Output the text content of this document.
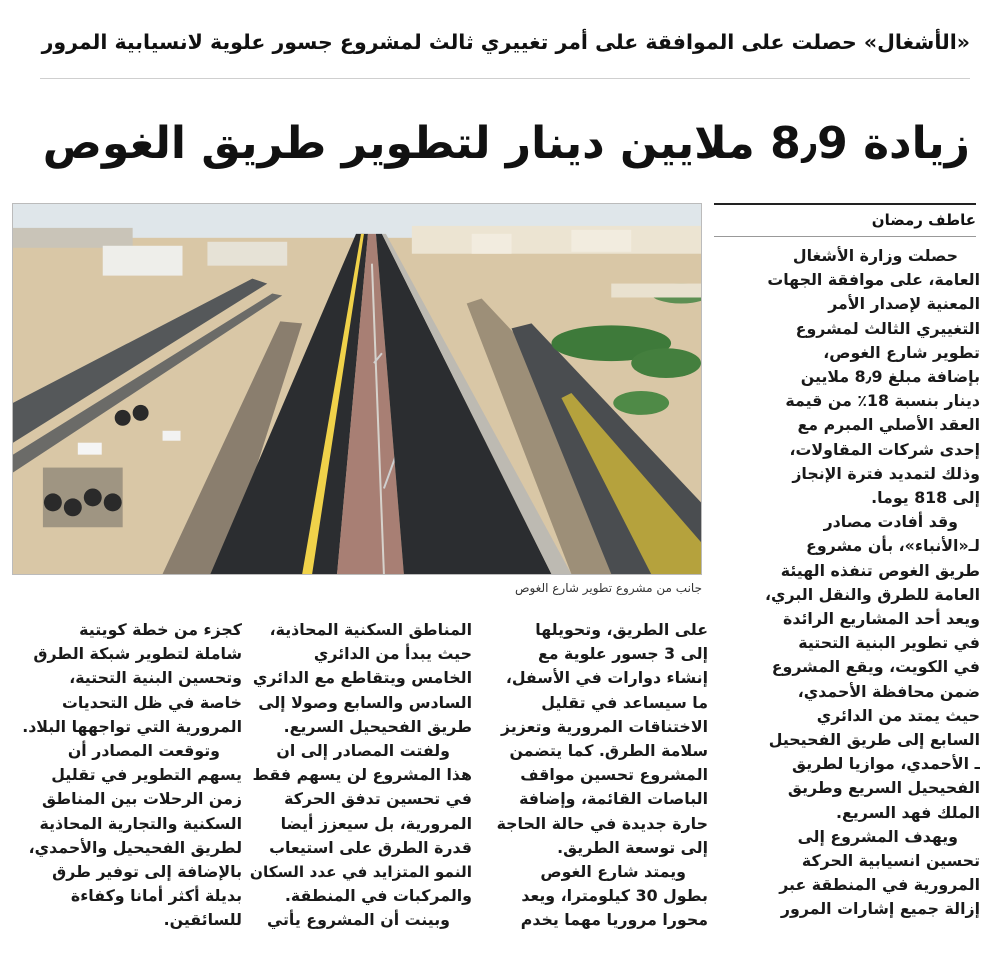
«الأشغال» حصلت على الموافقة على أمر تغييري ثالث لمشروع جسور علوية لانسيابية المرور
زيادة 8٫9 ملايين دينار لتطوير طريق الغوص
جانب من مشروع تطوير شارع الغوص
عاطف رمضان

حصلت وزارة الأشغال

العامة، على موافقة الجهات

المعنية لإصدار الأمر

التغييري الثالث لمشروع

تطوير شارع الغوص،

بإضافة مبلغ 8٫9 ملايين

دينار بنسبة 18٪ من قيمة

العقد الأصلي المبرم مع

إحدى شركات المقاولات،

وذلك لتمديد فترة الإنجاز

إلى 818 يوما.

وقد أفادت مصادر

لـ«الأنباء»، بأن مشروع

طريق الغوص تنفذه الهيئة

العامة للطرق والنقل البري،

ويعد أحد المشاريع الرائدة

في تطوير البنية التحتية

في الكويت، ويقع المشروع

ضمن محافظة الأحمدي،

حيث يمتد من الدائري

السابع إلى طريق الفحيحيل

ـ الأحمدي، موازيا لطريق

الفحيحيل السريع وطريق

الملك فهد السريع.

ويهدف المشروع إلى

تحسين انسيابية الحركة

المرورية في المنطقة عبر

إزالة جميع إشارات المرور

على الطريق، وتحويلها

إلى 3 جسور علوية مع

إنشاء دوارات في الأسفل،

ما سيساعد في تقليل

الاختناقات المرورية وتعزيز

سلامة الطرق. كما يتضمن

المشروع تحسين مواقف

الباصات القائمة، وإضافة

حارة جديدة في حالة الحاجة

إلى توسعة الطريق.

ويمتد شارع الغوص

بطول 30 كيلومترا، ويعد

محورا مروريا مهما يخدم

المناطق السكنية المحاذية،

حيث يبدأ من الدائري

الخامس ويتقاطع مع الدائري

السادس والسابع وصولا إلى

طريق الفحيحيل السريع.

ولفتت المصادر إلى ان

هذا المشروع لن يسهم فقط

في تحسين تدفق الحركة

المرورية، بل سيعزز أيضا

قدرة الطرق على استيعاب

النمو المتزايد في عدد السكان

والمركبات في المنطقة.

وبينت أن المشروع يأتي

كجزء من خطة كويتية

شاملة لتطوير شبكة الطرق

وتحسين البنية التحتية،

خاصة في ظل التحديات

المرورية التي تواجهها البلاد.

وتوقعت المصادر أن

يسهم التطوير في تقليل

زمن الرحلات بين المناطق

السكنية والتجارية المحاذية

لطريق الفحيحيل والأحمدي،

بالإضافة إلى توفير طرق

بديلة أكثر أمانا وكفاءة

للسائقين.
